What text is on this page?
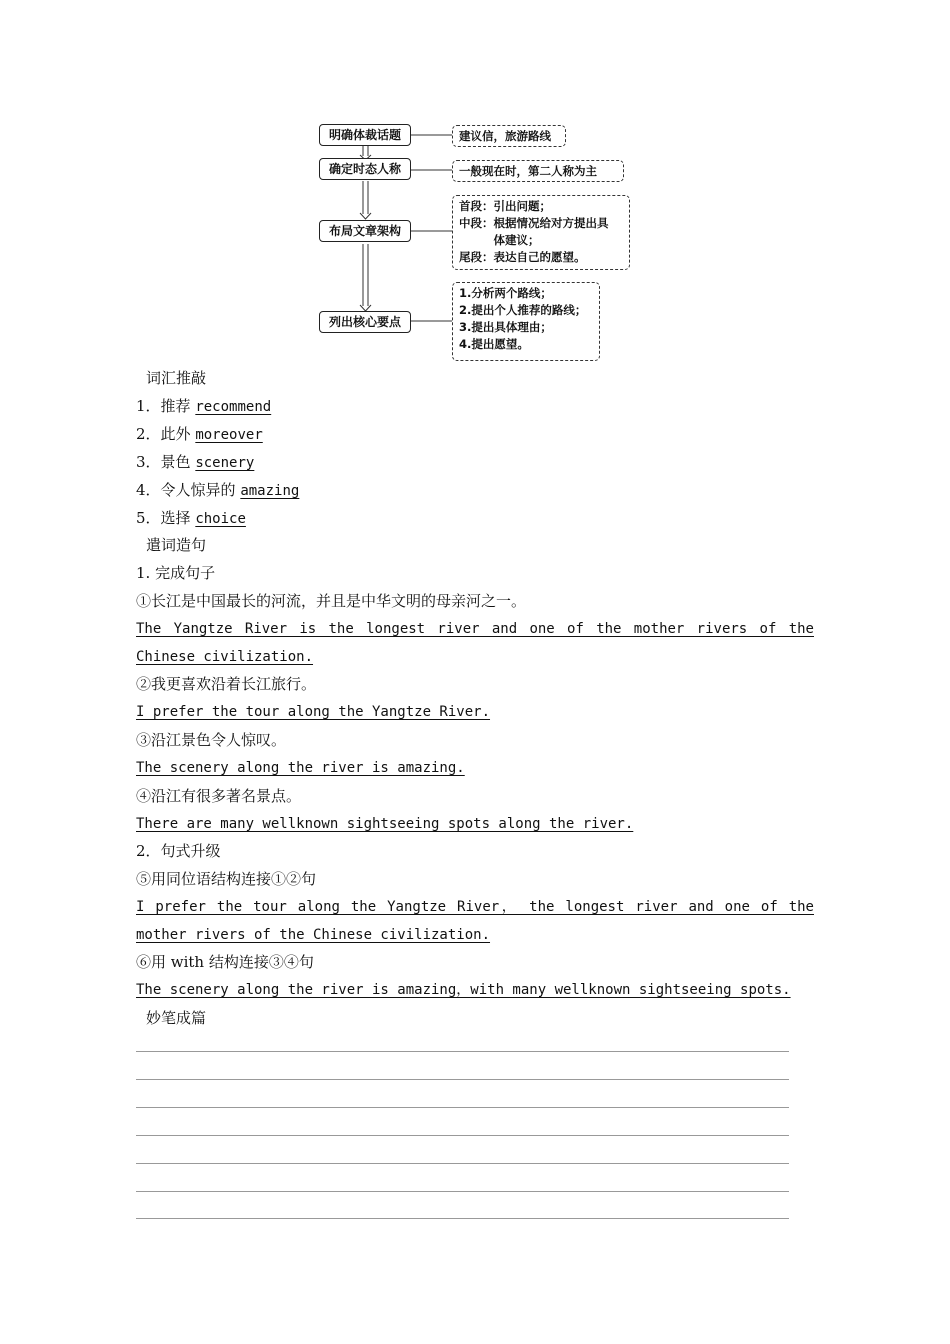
明确体裁话题
确定时态人称
布局文章架构
列出核心要点
建议信，旅游路线
一般现在时，第二人称为主
首段：引出问题；
中段：根据情况给对方提出具
　　　体建议；
尾段：表达自己的愿望。
1.分析两个路线；
2.提出个人推荐的路线；
3.提出具体理由；
4.提出愿望。
词汇推敲
1．推荐 recommend
2．此外 moreover
3．景色 scenery
4．令人惊异的 amazing
5．选择 choice
遣词造句
1. 完成句子
①长江是中国最长的河流，并且是中华文明的母亲河之一。
The Yangtze River is the longest river and one of the mother rivers of the
Chinese civilization.
②我更喜欢沿着长江旅行。
I prefer the tour along the Yangtze River.
③沿江景色令人惊叹。
The scenery along the river is amazing.
④沿江有很多著名景点。
There are many wellknown sightseeing spots along the river.
2．句式升级
⑤用同位语结构连接①②句
I prefer the tour along the Yangtze River， the longest river and one of the
mother rivers of the Chinese civilization.
⑥用 with 结构连接③④句
The scenery along the river is amazing，with many wellknown sightseeing spots.
妙笔成篇
